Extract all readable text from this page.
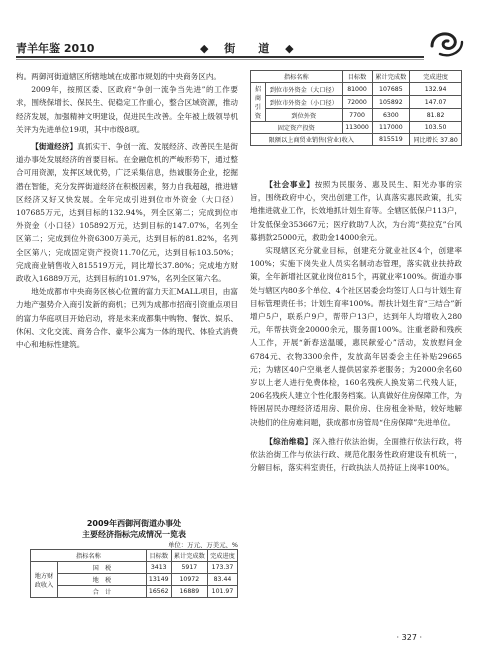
青羊年鉴 2010	◆ 街　道 ◆

构。两御河街道辖区所辖地域在成都市规划的中央商务区内。

2009年，按照区委、区政府“争创一流争当先进”的工作要求，围绕保增长、保民生、促稳定工作重心，整合区域资源，推动经济发展，加强精神文明建设，促进民生改善。全年被上级领导机关评为先进单位19项，其中市级8项。

【街道经济】真抓实干、争创一流、发展经济、改善民生是街道办事处发展经济的首要目标。在金融危机的严峻形势下，通过整合可用资源，发挥区域优势，广泛采集信息，热诚服务企业，挖掘潜在智能，充分发挥街道经济在积极因素，努力自我超越，推进辖区经济又好又快发展。全年完成引进到位市外资金（大口径）107685万元，达到目标的132.94%，列全区第二；完成到位市外资金（小口径）105892万元，达到目标的147.07%，名列全区第二；完成到位外资6300万美元，达到目标的81.82%，名列全区第八；完成固定资产投资11.70亿元，达到目标103.50%；完成商业销售收入815519万元，同比增长37.80%；完成地方财政收入16889万元，达到目标的101.97%，名列全区第六名。

地处成都市中央商务区核心位置的富力天汇MALL项目，由富力地产强势介入商引发新的商机；已列为成都市招商引资重点项目的富力华庭项目开始启动，将是未来成都集中购物、餐饮、娱乐、休闲、文化交流、商务合作、豪华公寓为一体的现代、体验式消费中心和地标性建筑。

2009年西御河街道办事处
主要经济指标完成情况一览表
单位：万元、万美元、%
指标名称		目标数	累计完成数	完成进度
地方财政收入	国　税	3413	5917	173.37
	地　税	13149	10972	83.44
	合　计	16562	16889	101.97
指标名称		目标数	累计完成数	完成进度
招商引资	到位市外资金（大口径）	81000	107685	132.94
	到位市外资金（小口径）	72000	105892	147.07
	到位外资	7700	6300	81.82
固定资产投资		113000	117000	103.50
限额以上商贸业销售(营业)收入			815519	同比增长 37.80

【社会事业】按照为民服务、惠及民生、阳光办事的宗旨，围绕政府中心，突出创建工作，认真落实惠民政策，扎实地推进就业工作，长效地抓计划生育等。全辖区低保户113户，计发低保金353667元；医疗救助7人次，为台湾“莫拉克”台风募捐款25000元，救助金14000余元。

实现辖区充分就业目标，创建充分就业社区4个，创建率100%；实施下岗失业人员实名制动态管理，落实就业扶持政策，全年新增社区就业岗位815个，再就业率100%。街道办事处与辖区内80多个单位、4个社区居委会均签订人口与计划生育目标管理责任书；计划生育率100%。帮扶计划生育“三结合”新增户5户，联系户9户，帮带户13户，达到年人均增收入280元，年帮扶资金20000余元，服务面100%。注重老龄和残疾人工作，开展“新春送温暖，惠民献爱心”活动，发放慰问金6784元、衣物3300余件，发放高年居委会主任补贴29665元；为辖区40户空巢老人提供居家养老服务；为2000余名60岁以上老人进行免费体检，160名残疾人换发第二代残人证，206名残疾人建立个性化服务档案。认真做好住房保障工作，为特困居民办理经济适用房、限价房、住房租金补贴，较好地解决他们的住房难问题，获成都市房管局“住房保障”先进单位。

【综治维稳】深入推行依法治街，全面推行依法行政，将依法治街工作与依法行政、规范化服务性政府建设有机统一，分解目标，落实科室责任，行政执法人员持证上岗率100%。

· 327 ·
